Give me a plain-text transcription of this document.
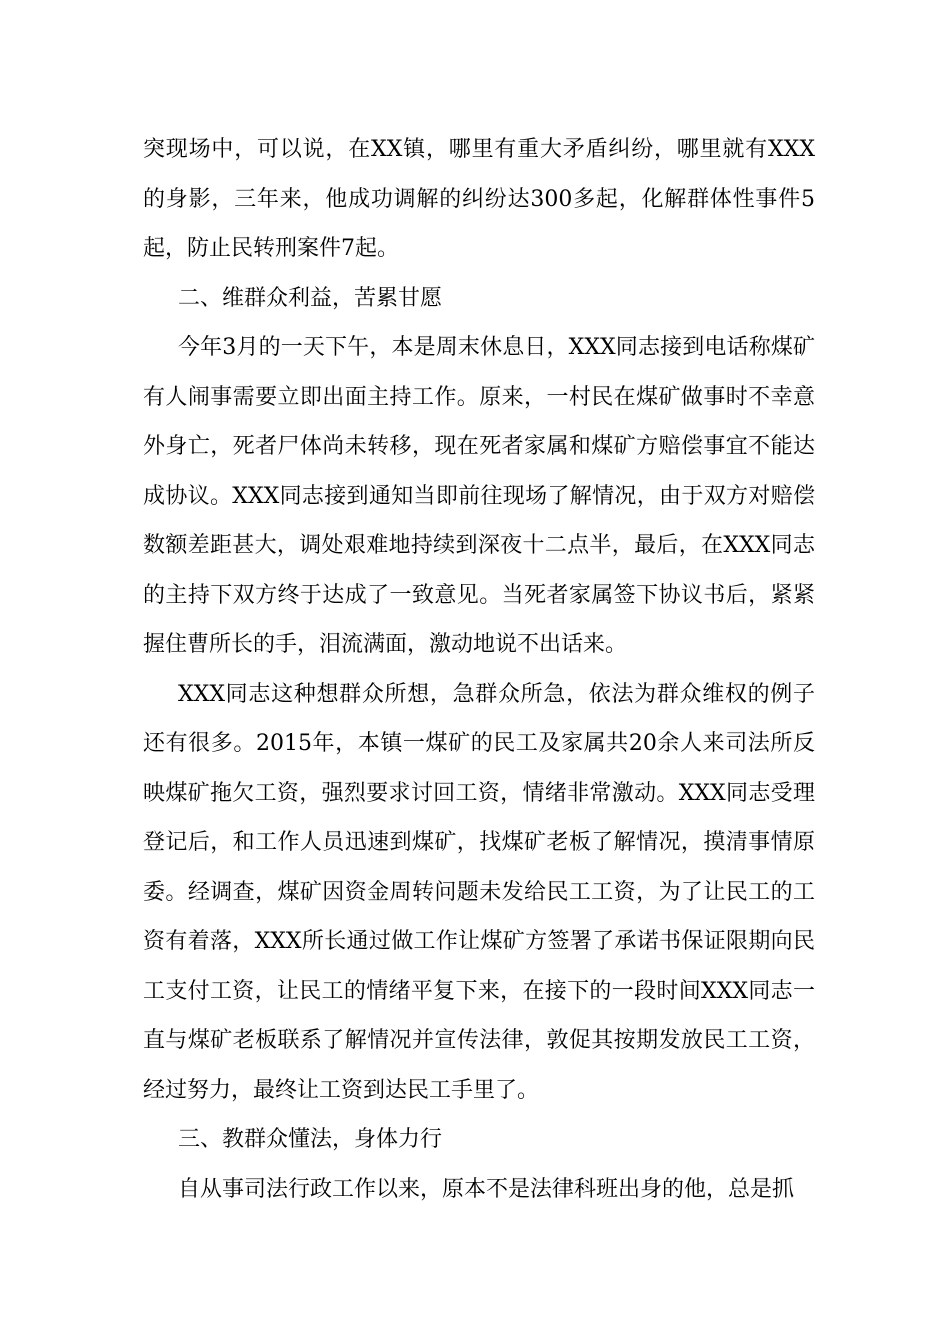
突现场中，可以说，在XX镇，哪里有重大矛盾纠纷，哪里就有XXX的身影，三年来，他成功调解的纠纷达300多起，化解群体性事件5起，防止民转刑案件7起。

二、维群众利益，苦累甘愿

今年3月的一天下午，本是周末休息日，XXX同志接到电话称煤矿有人闹事需要立即出面主持工作。原来，一村民在煤矿做事时不幸意外身亡，死者尸体尚未转移，现在死者家属和煤矿方赔偿事宜不能达成协议。XXX同志接到通知当即前往现场了解情况，由于双方对赔偿数额差距甚大，调处艰难地持续到深夜十二点半，最后，在XXX同志的主持下双方终于达成了一致意见。当死者家属签下协议书后，紧紧握住曹所长的手，泪流满面，激动地说不出话来。

XXX同志这种想群众所想，急群众所急，依法为群众维权的例子还有很多。2015年，本镇一煤矿的民工及家属共20余人来司法所反映煤矿拖欠工资，强烈要求讨回工资，情绪非常激动。XXX同志受理登记后，和工作人员迅速到煤矿，找煤矿老板了解情况，摸清事情原委。经调查，煤矿因资金周转问题未发给民工工资，为了让民工的工资有着落，XXX所长通过做工作让煤矿方签署了承诺书保证限期向民工支付工资，让民工的情绪平复下来，在接下的一段时间XXX同志一直与煤矿老板联系了解情况并宣传法律，敦促其按期发放民工工资，经过努力，最终让工资到达民工手里了。

三、教群众懂法，身体力行

自从事司法行政工作以来，原本不是法律科班出身的他，总是抓
